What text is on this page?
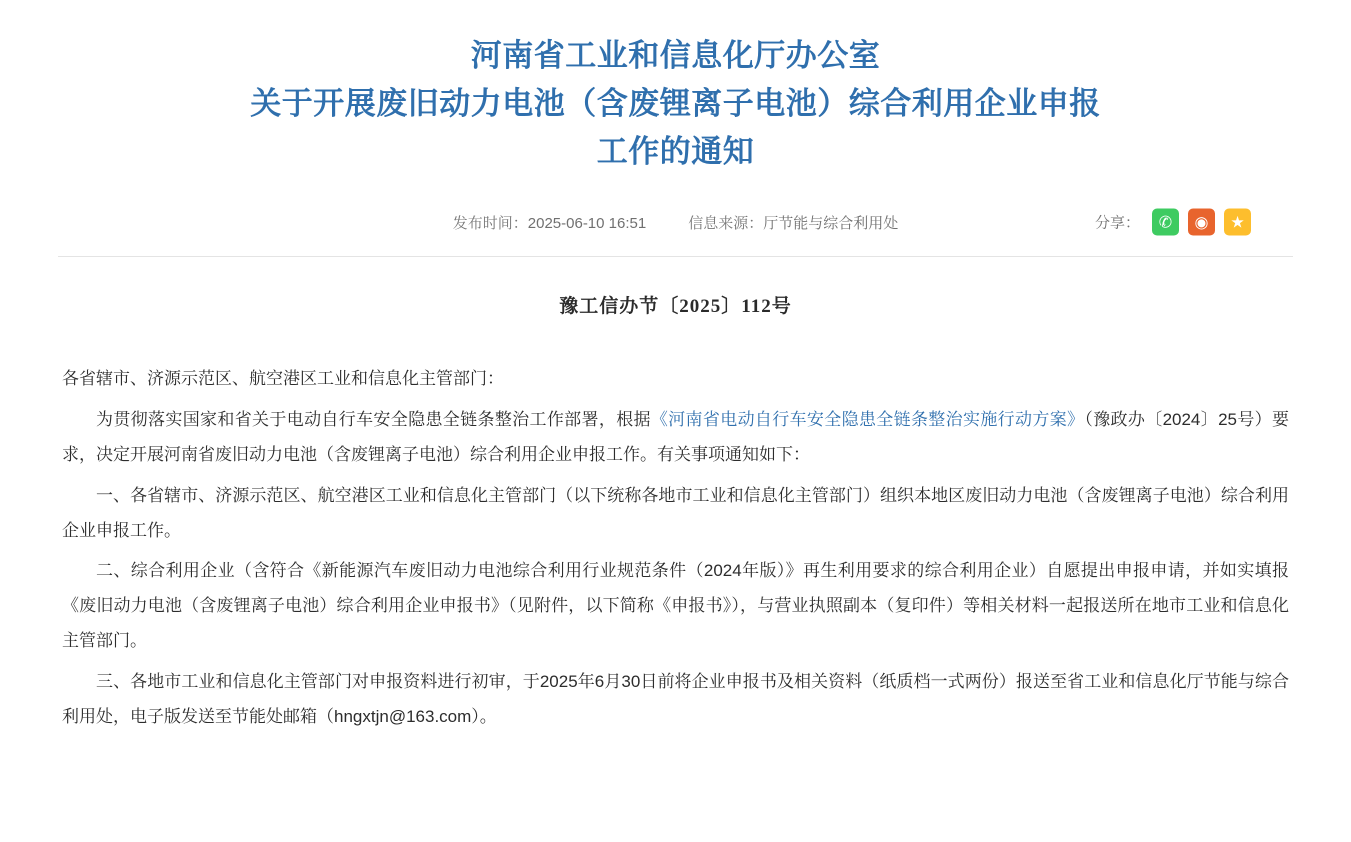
河南省工业和信息化厅办公室
关于开展废旧动力电池（含废锂离子电池）综合利用企业申报
工作的通知
发布时间：2025-06-10 16:51	信息来源：厅节能与综合利用处	分享：	✆	◉	★
豫工信办节〔2025〕112号

各省辖市、济源示范区、航空港区工业和信息化主管部门：

为贯彻落实国家和省关于电动自行车安全隐患全链条整治工作部署，根据《河南省电动自行车安全隐患全链条整治实施行动方案》（豫政办〔2024〕25号）要求，决定开展河南省废旧动力电池（含废锂离子电池）综合利用企业申报工作。有关事项通知如下：

一、各省辖市、济源示范区、航空港区工业和信息化主管部门（以下统称各地市工业和信息化主管部门）组织本地区废旧动力电池（含废锂离子电池）综合利用企业申报工作。

二、综合利用企业（含符合《新能源汽车废旧动力电池综合利用行业规范条件（2024年版）》再生利用要求的综合利用企业）自愿提出申报申请，并如实填报《废旧动力电池（含废锂离子电池）综合利用企业申报书》（见附件，以下简称《申报书》），与营业执照副本（复印件）等相关材料一起报送所在地市工业和信息化主管部门。

三、各地市工业和信息化主管部门对申报资料进行初审，于2025年6月30日前将企业申报书及相关资料（纸质档一式两份）报送至省工业和信息化厅节能与综合利用处，电子版发送至节能处邮箱（hngxtjn@163.com）。
